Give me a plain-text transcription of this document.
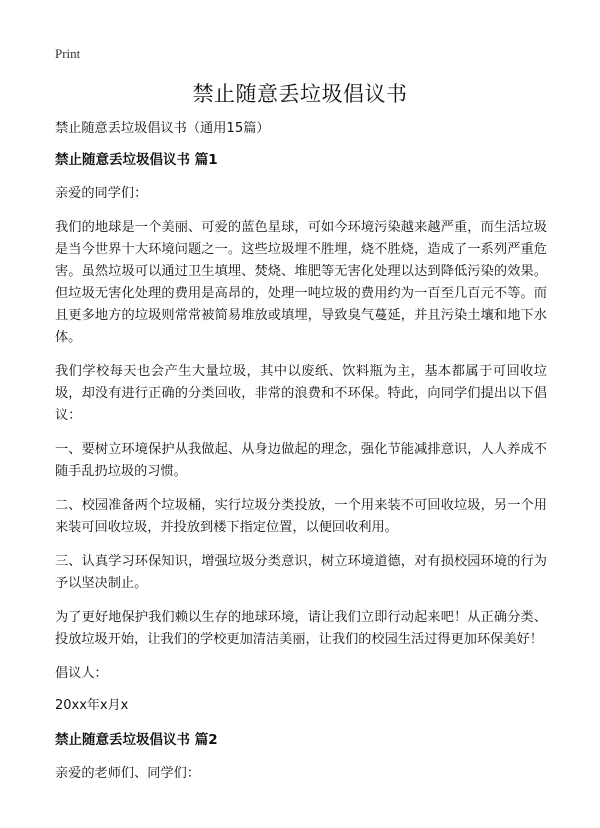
Print
禁止随意丢垃圾倡议书
禁止随意丢垃圾倡议书（通用15篇）
禁止随意丢垃圾倡议书 篇1
亲爱的同学们：
我们的地球是一个美丽、可爱的蓝色星球，可如今环境污染越来越严重，而生活垃圾是当今世界十大环境问题之一。这些垃圾埋不胜埋，烧不胜烧，造成了一系列严重危害。虽然垃圾可以通过卫生填埋、焚烧、堆肥等无害化处理以达到降低污染的效果。但垃圾无害化处理的费用是高昂的，处理一吨垃圾的费用约为一百至几百元不等。而且更多地方的垃圾则常常被简易堆放或填埋，导致臭气蔓延，并且污染土壤和地下水体。
我们学校每天也会产生大量垃圾，其中以废纸、饮料瓶为主，基本都属于可回收垃圾，却没有进行正确的分类回收，非常的浪费和不环保。特此，向同学们提出以下倡议：
一、要树立环境保护从我做起、从身边做起的理念，强化节能减排意识，人人养成不随手乱扔垃圾的习惯。
二、校园准备两个垃圾桶，实行垃圾分类投放，一个用来装不可回收垃圾，另一个用来装可回收垃圾，并投放到楼下指定位置，以便回收利用。
三、认真学习环保知识，增强垃圾分类意识，树立环境道德，对有损校园环境的行为予以坚决制止。
为了更好地保护我们赖以生存的地球环境，请让我们立即行动起来吧！从正确分类、投放垃圾开始，让我们的学校更加清洁美丽，让我们的校园生活过得更加环保美好！
倡议人：
20xx年x月x
禁止随意丢垃圾倡议书 篇2
亲爱的老师们、同学们：
